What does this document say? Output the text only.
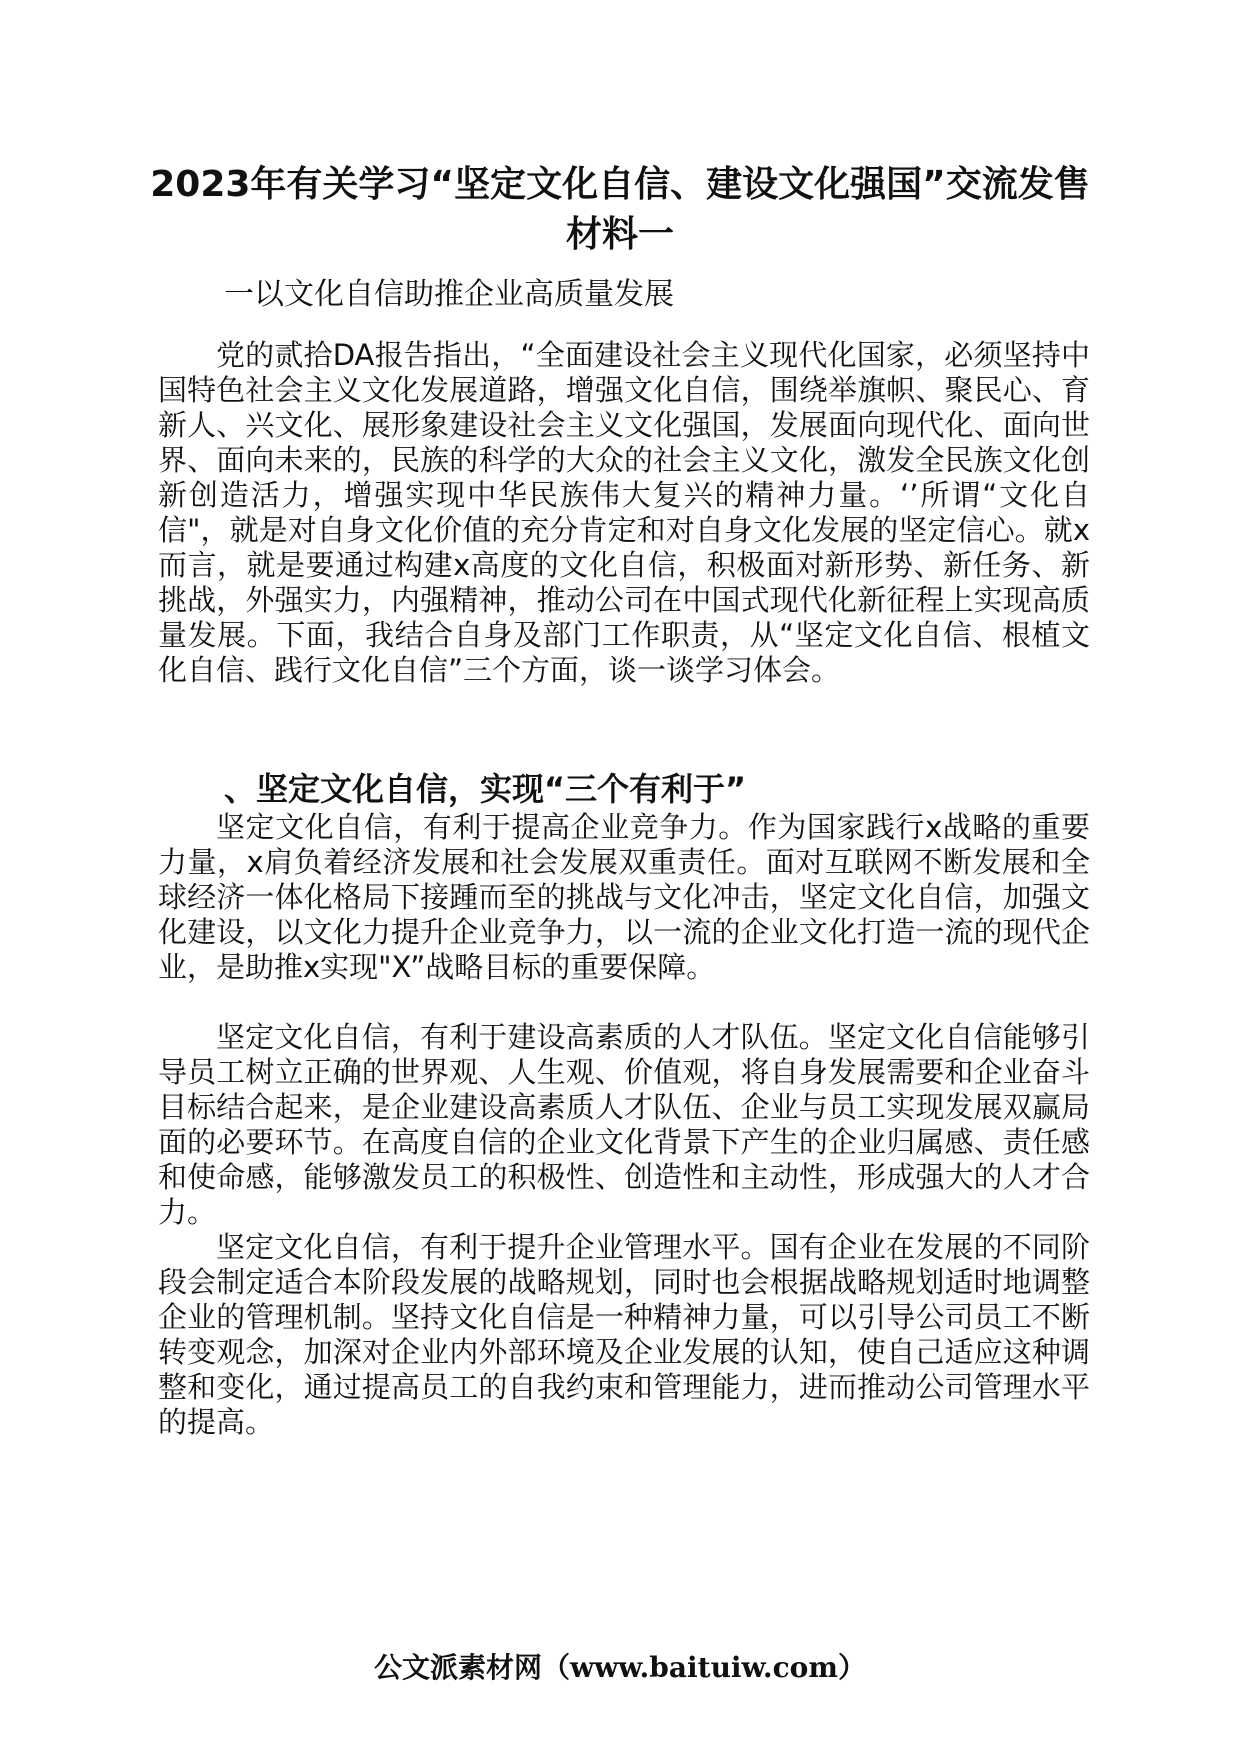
2023年有关学习“坚定文化自信、建设文化强国”交流发售材料一

一以文化自信助推企业高质量发展

党的贰拾DA报告指出，“全面建设社会主义现代化国家，必须坚持中国特色社会主义文化发展道路，增强文化自信，围绕举旗帜、聚民心、育新人、兴文化、展形象建设社会主义文化强国，发展面向现代化、面向世界、面向未来的，民族的科学的大众的社会主义文化，激发全民族文化创新创造活力，增强实现中华民族伟大复兴的精神力量。‘’所谓“文化自信"，就是对自身文化价值的充分肯定和对自身文化发展的坚定信心。就x而言，就是要通过构建x高度的文化自信，积极面对新形势、新任务、新挑战，外强实力，内强精神，推动公司在中国式现代化新征程上实现高质量发展。下面，我结合自身及部门工作职责，从“坚定文化自信、根植文化自信、践行文化自信”三个方面，谈一谈学习体会。

、坚定文化自信，实现“三个有利于”

坚定文化自信，有利于提高企业竞争力。作为国家践行x战略的重要力量，x肩负着经济发展和社会发展双重责任。面对互联网不断发展和全球经济一体化格局下接踵而至的挑战与文化冲击，坚定文化自信，加强文化建设，以文化力提升企业竞争力，以一流的企业文化打造一流的现代企业，是助推x实现"X”战略目标的重要保障。

坚定文化自信，有利于建设高素质的人才队伍。坚定文化自信能够引导员工树立正确的世界观、人生观、价值观，将自身发展需要和企业奋斗目标结合起来，是企业建设高素质人才队伍、企业与员工实现发展双赢局面的必要环节。在高度自信的企业文化背景下产生的企业归属感、责任感和使命感，能够激发员工的积极性、创造性和主动性，形成强大的人才合力。

坚定文化自信，有利于提升企业管理水平。国有企业在发展的不同阶段会制定适合本阶段发展的战略规划，同时也会根据战略规划适时地调整企业的管理机制。坚持文化自信是一种精神力量，可以引导公司员工不断转变观念，加深对企业内外部环境及企业发展的认知，使自己适应这种调整和变化，通过提高员工的自我约束和管理能力，进而推动公司管理水平的提高。

公文派素材网（www.baituiw.com）
